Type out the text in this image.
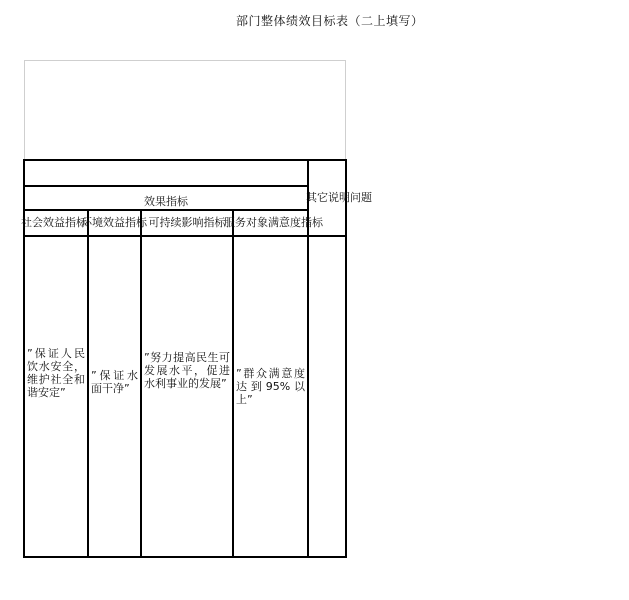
部门整体绩效目标表（二上填写）
其它说明问题
效果指标
社会效益指标
环境效益指标 可持续影响指标
服务对象满意度指标
”保证人民饮水安全，维护社全和谐安定”
”保证水面干净”
”努力提高民生可发展水平，促进水利事业的发展”
”群众满意度达到95%以上”
